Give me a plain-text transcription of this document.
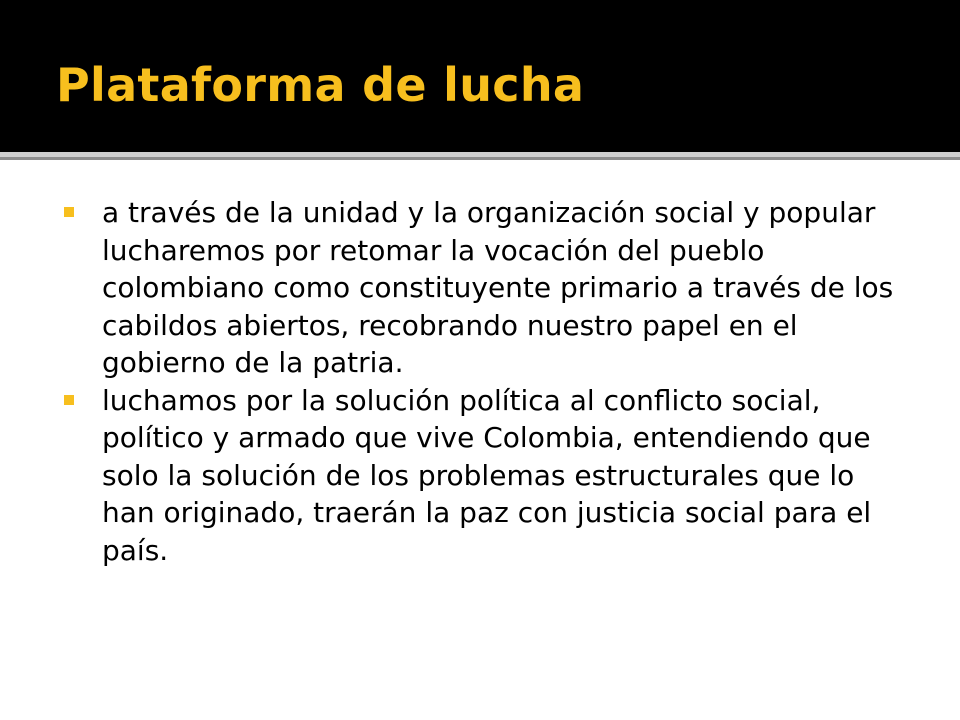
Plataforma de lucha
a través de la unidad y la organización social y popular lucharemos por retomar la vocación del pueblo colombiano como constituyente primario a través de los cabildos abiertos, recobrando nuestro papel en el gobierno de la patria.
luchamos por la solución política al conflicto social, político y armado que vive Colombia, entendiendo que solo la solución de los problemas estructurales que lo han originado, traerán la paz con justicia social para el país.
